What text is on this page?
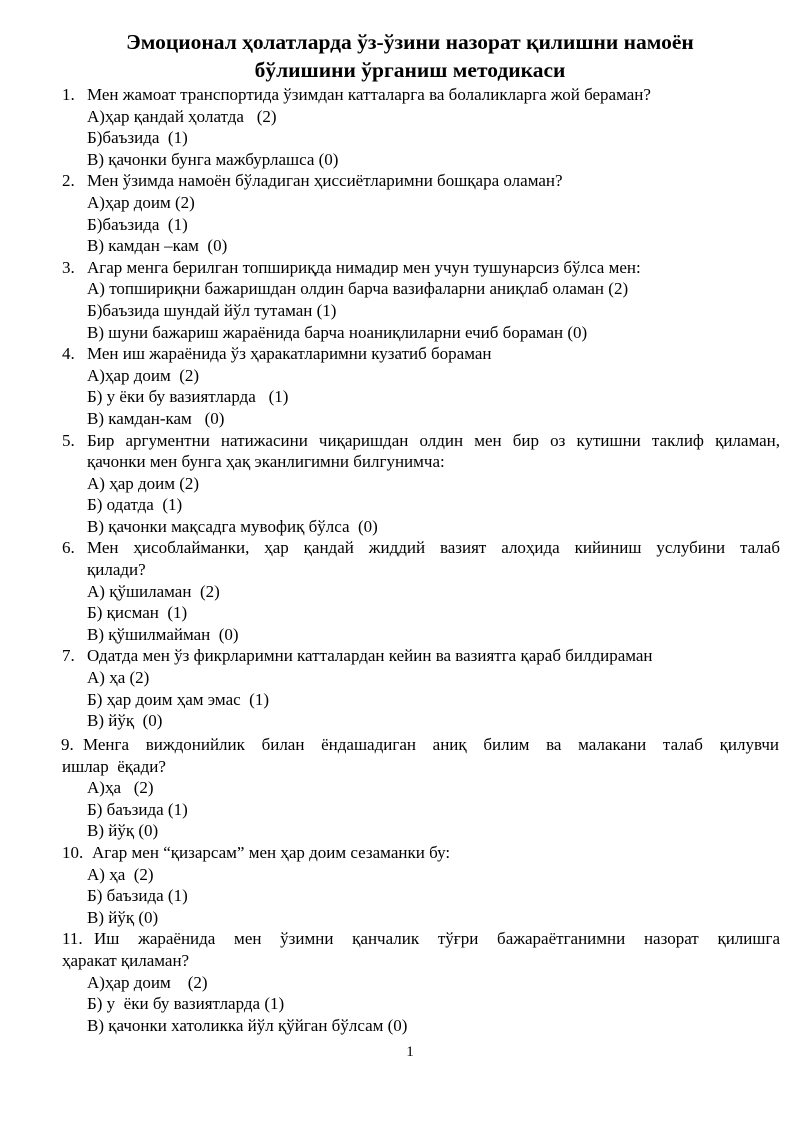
Эмоционал ҳолатларда ўз-ўзини назорат қилишни намоён
бўлишини ўрганиш методикаси

1.

Мен жамоат транспортида ўзимдан катталарга ва болаликларга жой бераман?

А)ҳар қандай ҳолатда   (2)
Б)баъзида  (1)
В) қачонки бунга мажбурлашса (0)

2.

Мен ўзимда намоён бўладиган ҳиссиётларимни бошқара оламан?

А)ҳар доим (2)
Б)баъзида  (1)
В) камдан –кам  (0)

3.

Агар менга берилган топшириқда нимадир мен учун тушунарсиз бўлса мен:

А) топшириқни бажаришдан олдин барча вазифаларни аниқлаб оламан (2)
Б)баъзида шундай йўл тутаман (1)
В) шуни бажариш жараёнида барча ноаниқлиларни ечиб бораман (0)

4.

Мен иш жараёнида ўз ҳаракатларимни кузатиб бораман

А)ҳар доим  (2)
Б) у ёки бу вазиятларда   (1)
В) камдан-кам   (0)

5.

Бир аргументни натижасини чиқаришдан олдин мен бир оз кутишни таклиф қиламан,

қачонки мен бунга ҳақ эканлигимни билгунимча:

А) ҳар доим (2)
Б) одатда  (1)
В) қачонки мақсадга мувофиқ бўлса  (0)

6.

Мен ҳисоблайманки, ҳар қандай жиддий вазият алоҳида кийиниш услубини талаб

қилади?

А) қўшиламан  (2)
Б) қисман  (1)
В) қўшилмайман  (0)

7.

Одатда мен ўз фикрларимни катталардан кейин ва вазиятга қараб билдираман

А) ҳа (2)
Б) ҳар доим ҳам эмас  (1)
В) йўқ  (0)

9.

Менга виждонийлик билан ёндашадиган аниқ билим ва малакани талаб қилувчи

ишлар  ёқади?

А)ҳа   (2)
Б) баъзида (1)
В) йўқ (0)

10.

Агар мен “қизарсам” мен ҳар доим сезаманки бу:

А) ҳа  (2)
Б) баъзида (1)
В) йўқ (0)

11.

Иш жараёнида мен ўзимни қанчалик тўғри бажараётганимни назорат қилишга

ҳаракат қиламан?

А)ҳар доим    (2)
Б) у  ёки бу вазиятларда (1)
В) қачонки хатоликка йўл қўйган бўлсам (0)
1
